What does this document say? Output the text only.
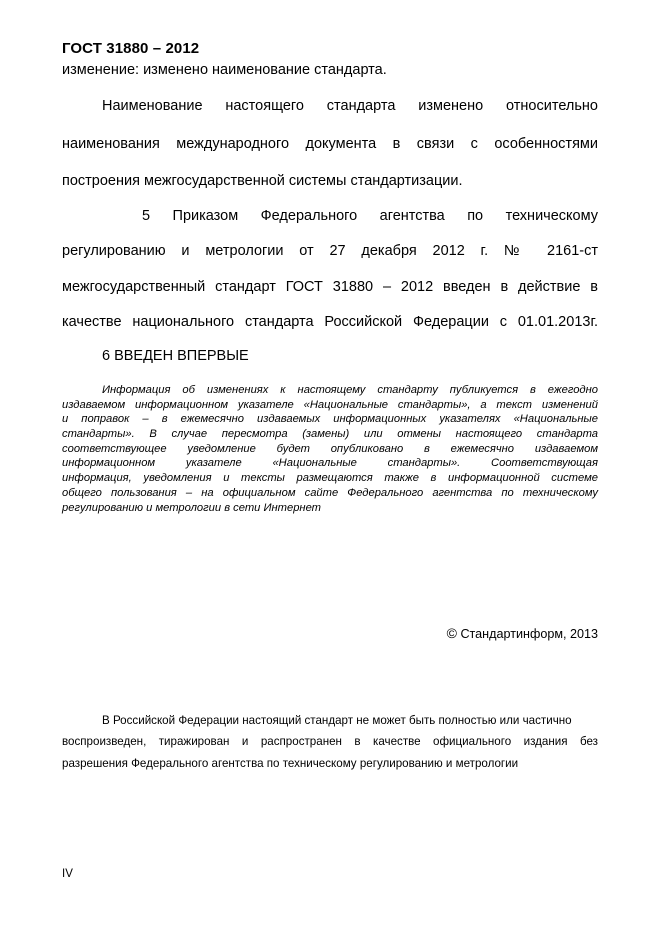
ГОСТ 31880 – 2012
изменение: изменено наименование стандарта.
Наименование настоящего стандарта изменено относительно
наименования международного документа в связи с особенностями
построения межгосударственной системы стандартизации.
5 Приказом Федерального агентства по техническому
регулированию и метрологии от 27 декабря 2012 г. № 2161-ст
межгосударственный стандарт ГОСТ 31880 – 2012 введен в действие в
качестве национального стандарта Российской Федерации с 01.01.2013г.
6 ВВЕДЕН ВПЕРВЫЕ
Информация об изменениях к настоящему стандарту публикуется в ежегодно
издаваемом информационном указателе «Национальные стандарты», а текст изменений
и поправок – в ежемесячно издаваемых информационных указателях «Национальные
стандарты». В случае пересмотра (замены) или отмены настоящего стандарта
соответствующее уведомление будет опубликовано в ежемесячно издаваемом
информационном указателе «Национальные стандарты». Соответствующая
информация, уведомления и тексты размещаются также в информационной системе
общего пользования – на официальном сайте Федерального агентства по техническому
регулированию и метрологии в сети Интернет
© Стандартинформ, 2013
В Российской Федерации настоящий стандарт не может быть полностью или частично
воспроизведен, тиражирован и распространен в качестве официального издания без
разрешения Федерального агентства по техническому регулированию и метрологии
IV
